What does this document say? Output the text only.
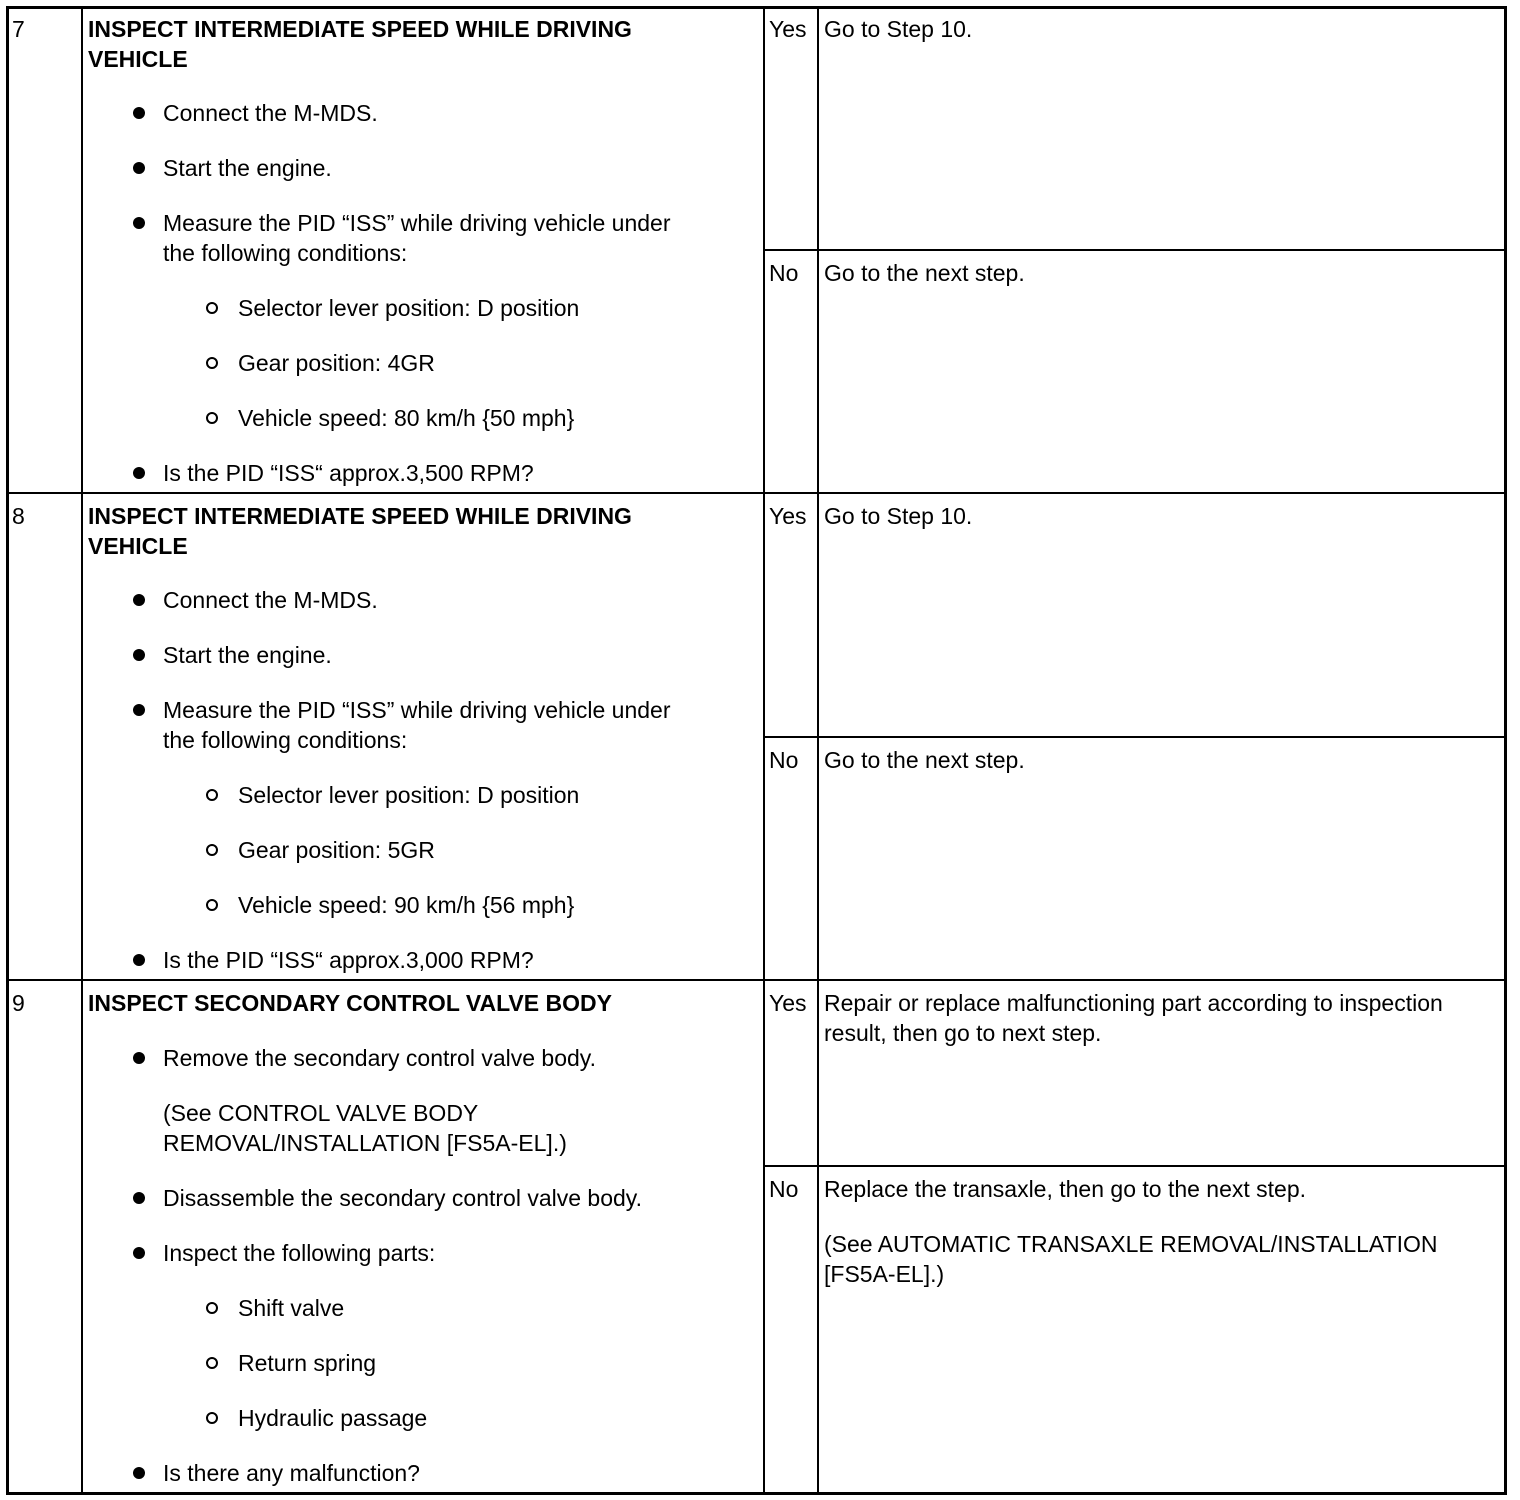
7	INSPECT INTERMEDIATE SPEED WHILE DRIVING
VEHICLE
Connect the M-MDS.
Start the engine.
Measure the PID “ISS” while driving vehicle under
the following conditions:
Selector lever position: D position
Gear position: 4GR
Vehicle speed: 80 km/h {50 mph}
Is the PID “ISS“ approx.3,500 RPM?
Yes Go to Step 10.
No Go to the next step.
8	INSPECT INTERMEDIATE SPEED WHILE DRIVING
VEHICLE
Connect the M-MDS.
Start the engine.
Measure the PID “ISS” while driving vehicle under
the following conditions:
Selector lever position: D position
Gear position: 5GR
Vehicle speed: 90 km/h {56 mph}
Is the PID “ISS“ approx.3,000 RPM?
Yes Go to Step 10.
No Go to the next step.
9	INSPECT SECONDARY CONTROL VALVE BODY
Remove the secondary control valve body.
(See CONTROL VALVE BODY
REMOVAL/INSTALLATION [FS5A-EL].)
Disassemble the secondary control valve body.
Inspect the following parts:
Shift valve
Return spring
Hydraulic passage
Is there any malfunction?
Yes Repair or replace malfunctioning part according to inspection
result, then go to next step.
No Replace the transaxle, then go to the next step.
(See AUTOMATIC TRANSAXLE REMOVAL/INSTALLATION
[FS5A-EL].)
